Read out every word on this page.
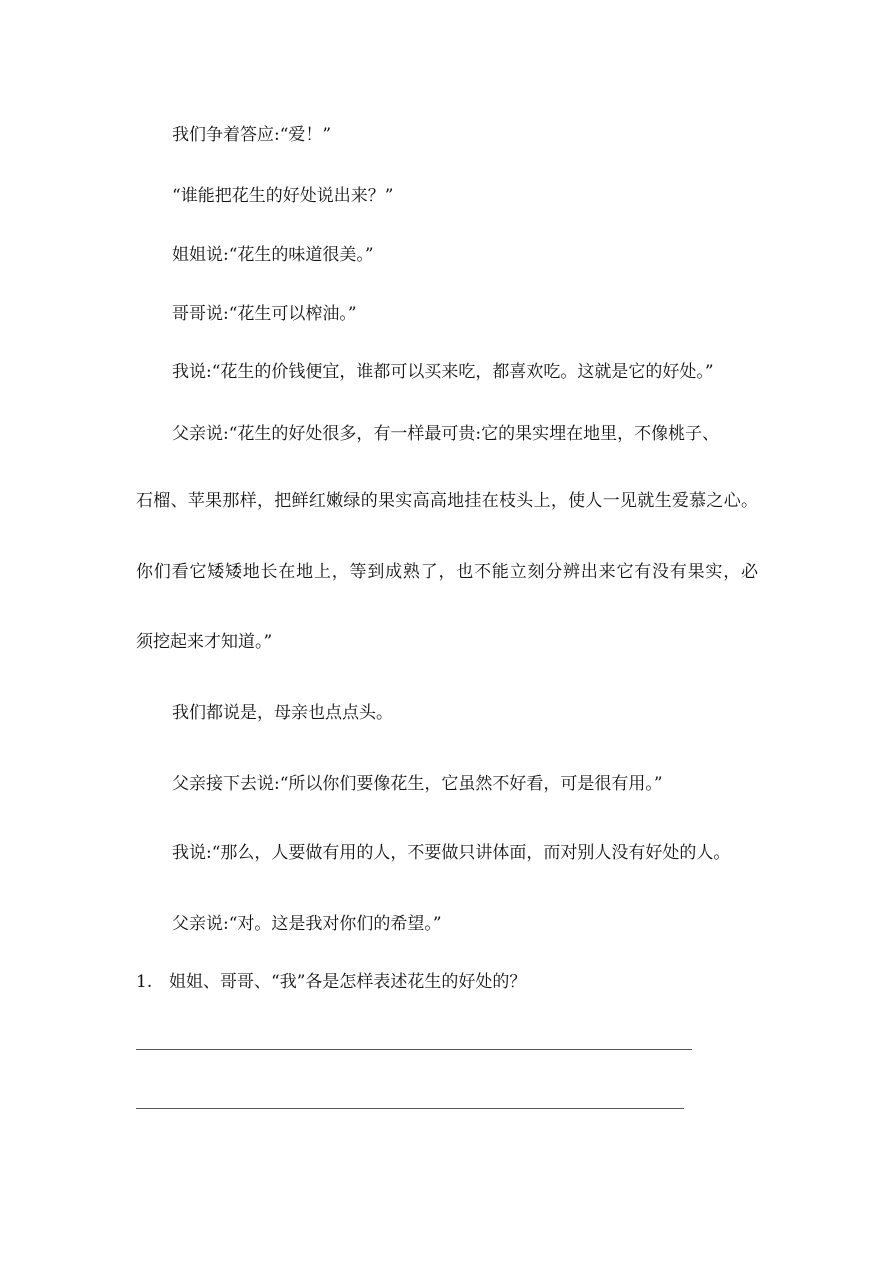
我们争着答应:“爱！”
“谁能把花生的好处说出来？”
姐姐说:“花生的味道很美。”
哥哥说:“花生可以榨油。”
我说:“花生的价钱便宜，谁都可以买来吃，都喜欢吃。这就是它的好处。”
父亲说:“花生的好处很多，有一样最可贵:它的果实埋在地里，不像桃子、
石榴、苹果那样，把鲜红嫩绿的果实高高地挂在枝头上，使人一见就生爱慕之心。
你们看它矮矮地长在地上，等到成熟了，也不能立刻分辨出来它有没有果实，必
须挖起来才知道。”
我们都说是，母亲也点点头。
父亲接下去说:“所以你们要像花生，它虽然不好看，可是很有用。”
我说:“那么，人要做有用的人，不要做只讲体面，而对别人没有好处的人。
父亲说:“对。这是我对你们的希望。”
1. 姐姐、哥哥、“我”各是怎样表述花生的好处的？
